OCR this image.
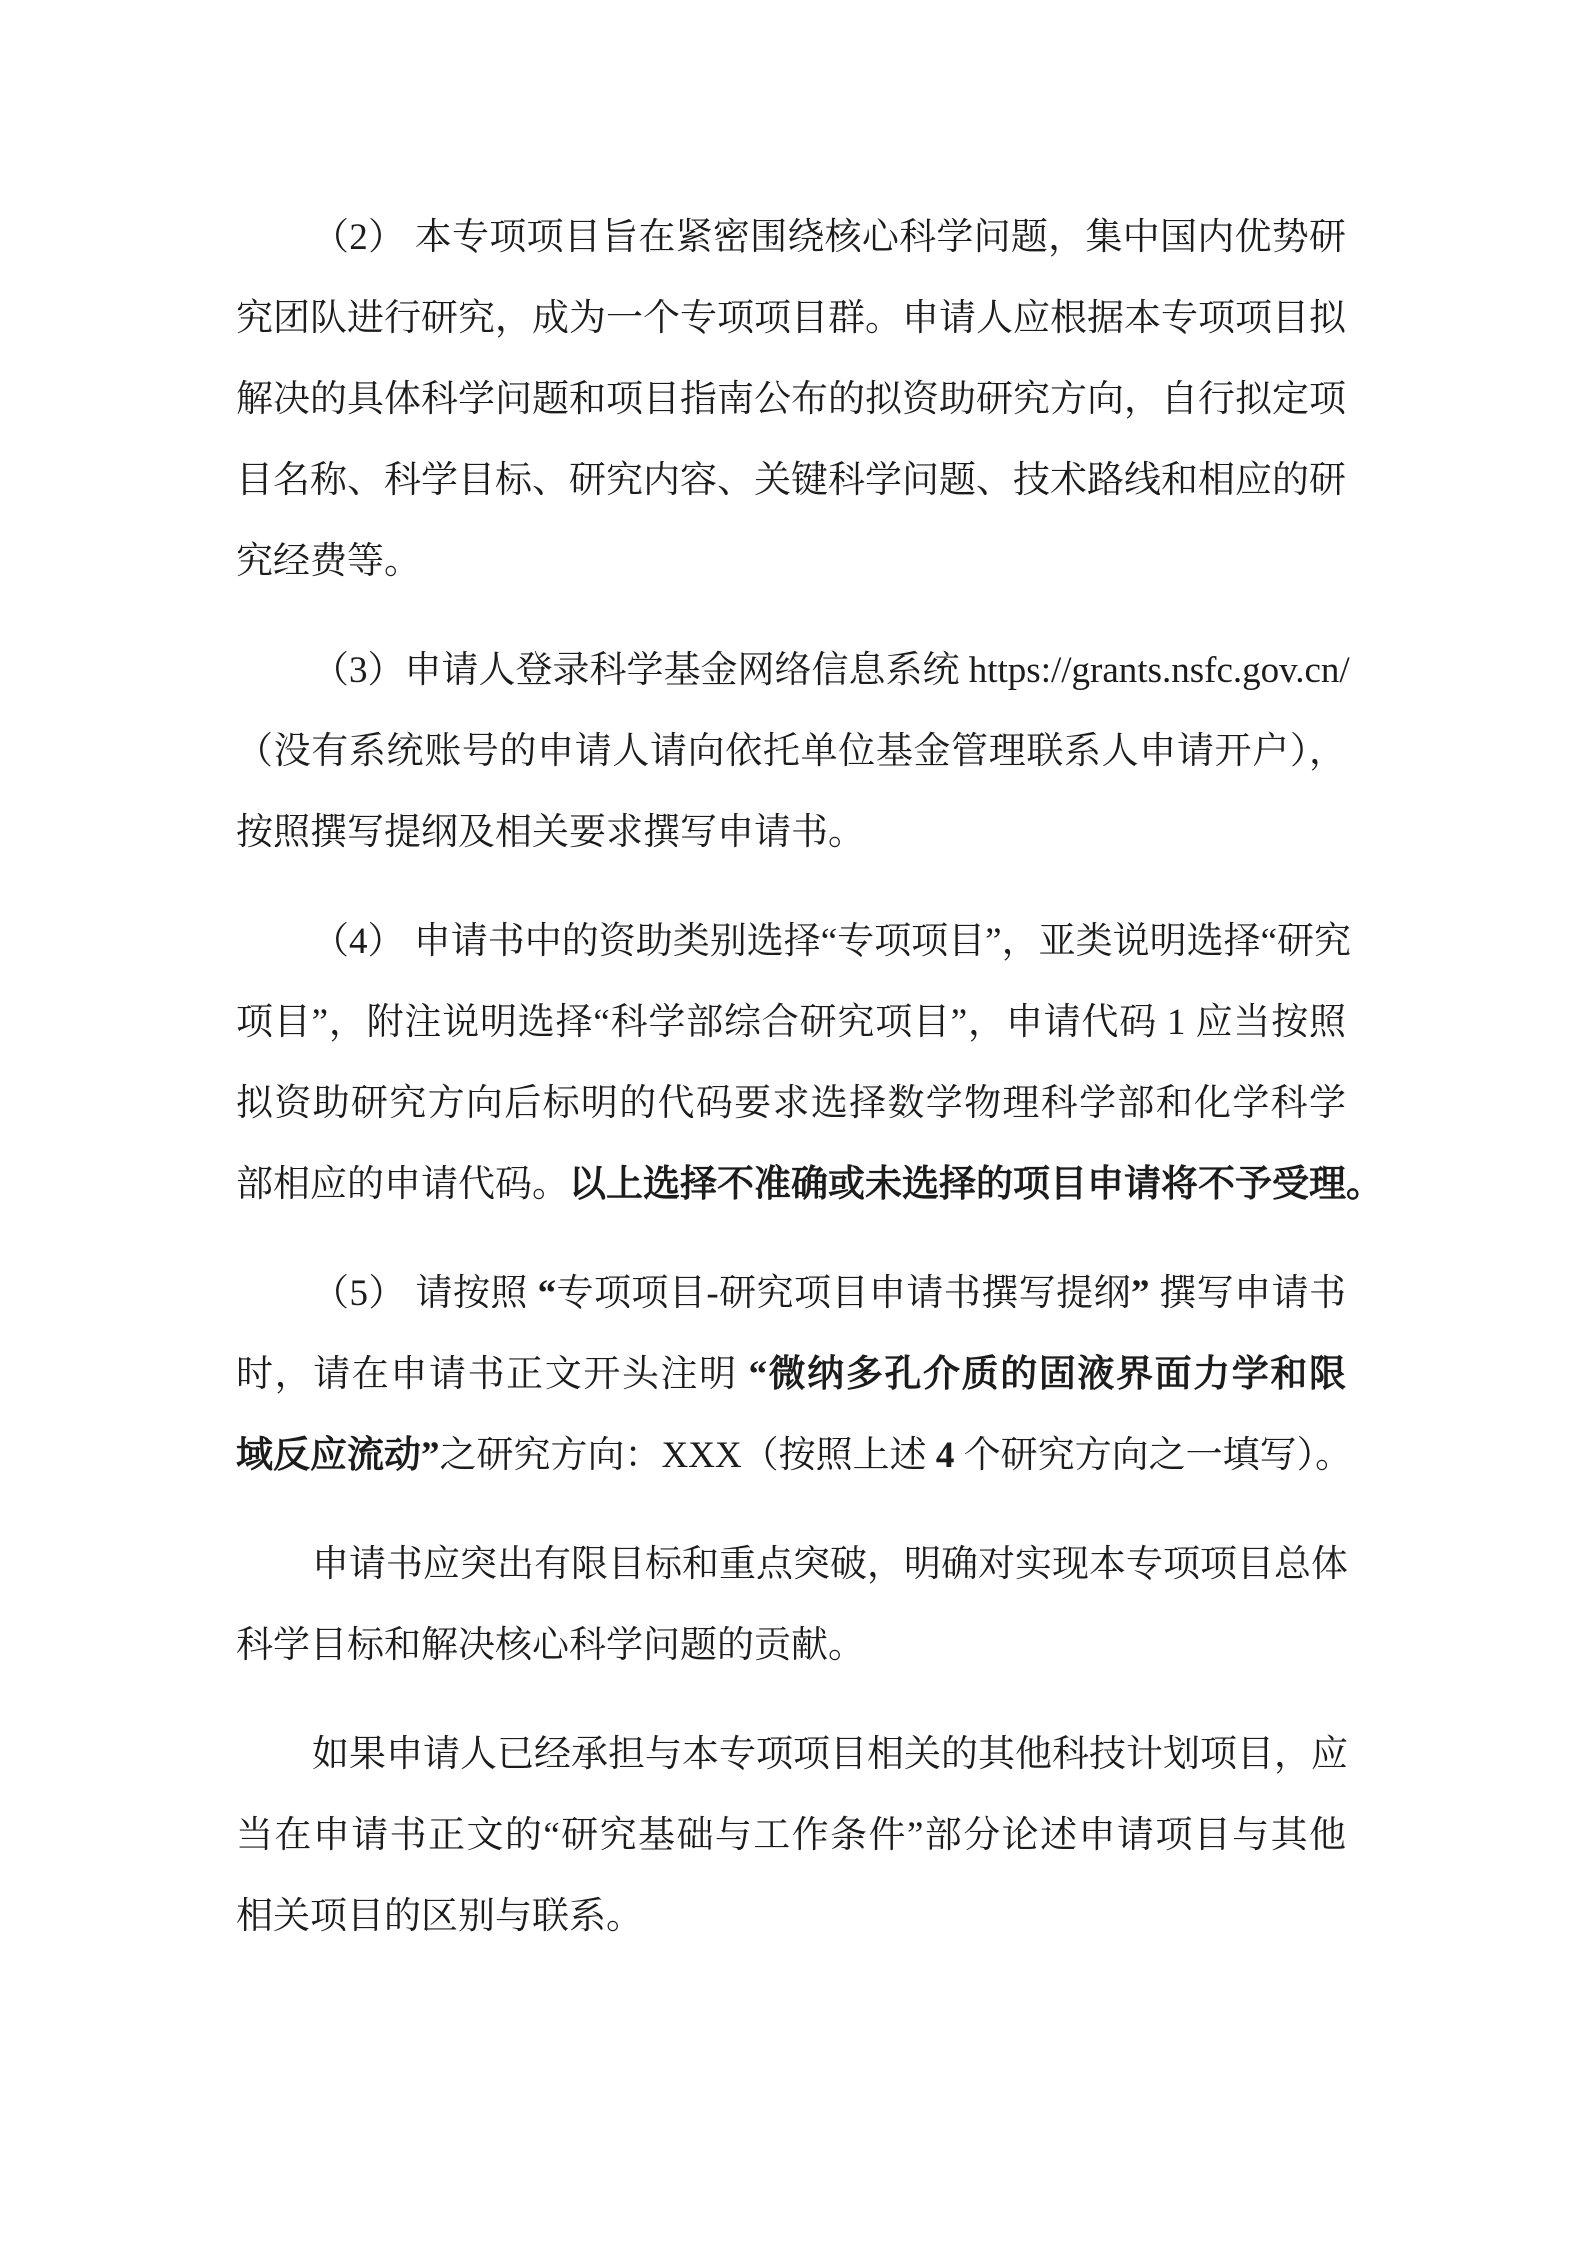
（2） 本专项项目旨在紧密围绕核心科学问题，集中国内优势研
究团队进行研究，成为一个专项项目群。申请人应根据本专项项目拟
解决的具体科学问题和项目指南公布的拟资助研究方向，自行拟定项
目名称、科学目标、研究内容、关键科学问题、技术路线和相应的研
究经费等。
（3）申请人登录科学基金网络信息系统 https://grants.nsfc.gov.cn/
（没有系统账号的申请人请向依托单位基金管理联系人申请开户），
按照撰写提纲及相关要求撰写申请书。
（4） 申请书中的资助类别选择“专项项目”，亚类说明选择“研究
项目”，附注说明选择“科学部综合研究项目”，申请代码 1 应当按照
拟资助研究方向后标明的代码要求选择数学物理科学部和化学科学
部相应的申请代码。以上选择不准确或未选择的项目申请将不予受理。
（5） 请按照 “专项项目-研究项目申请书撰写提纲” 撰写申请书
时，请在申请书正文开头注明 “微纳多孔介质的固液界面力学和限
域反应流动”之研究方向：XXX（按照上述 4 个研究方向之一填写）。
申请书应突出有限目标和重点突破，明确对实现本专项项目总体
科学目标和解决核心科学问题的贡献。
如果申请人已经承担与本专项项目相关的其他科技计划项目，应
当在申请书正文的“研究基础与工作条件”部分论述申请项目与其他
相关项目的区别与联系。
